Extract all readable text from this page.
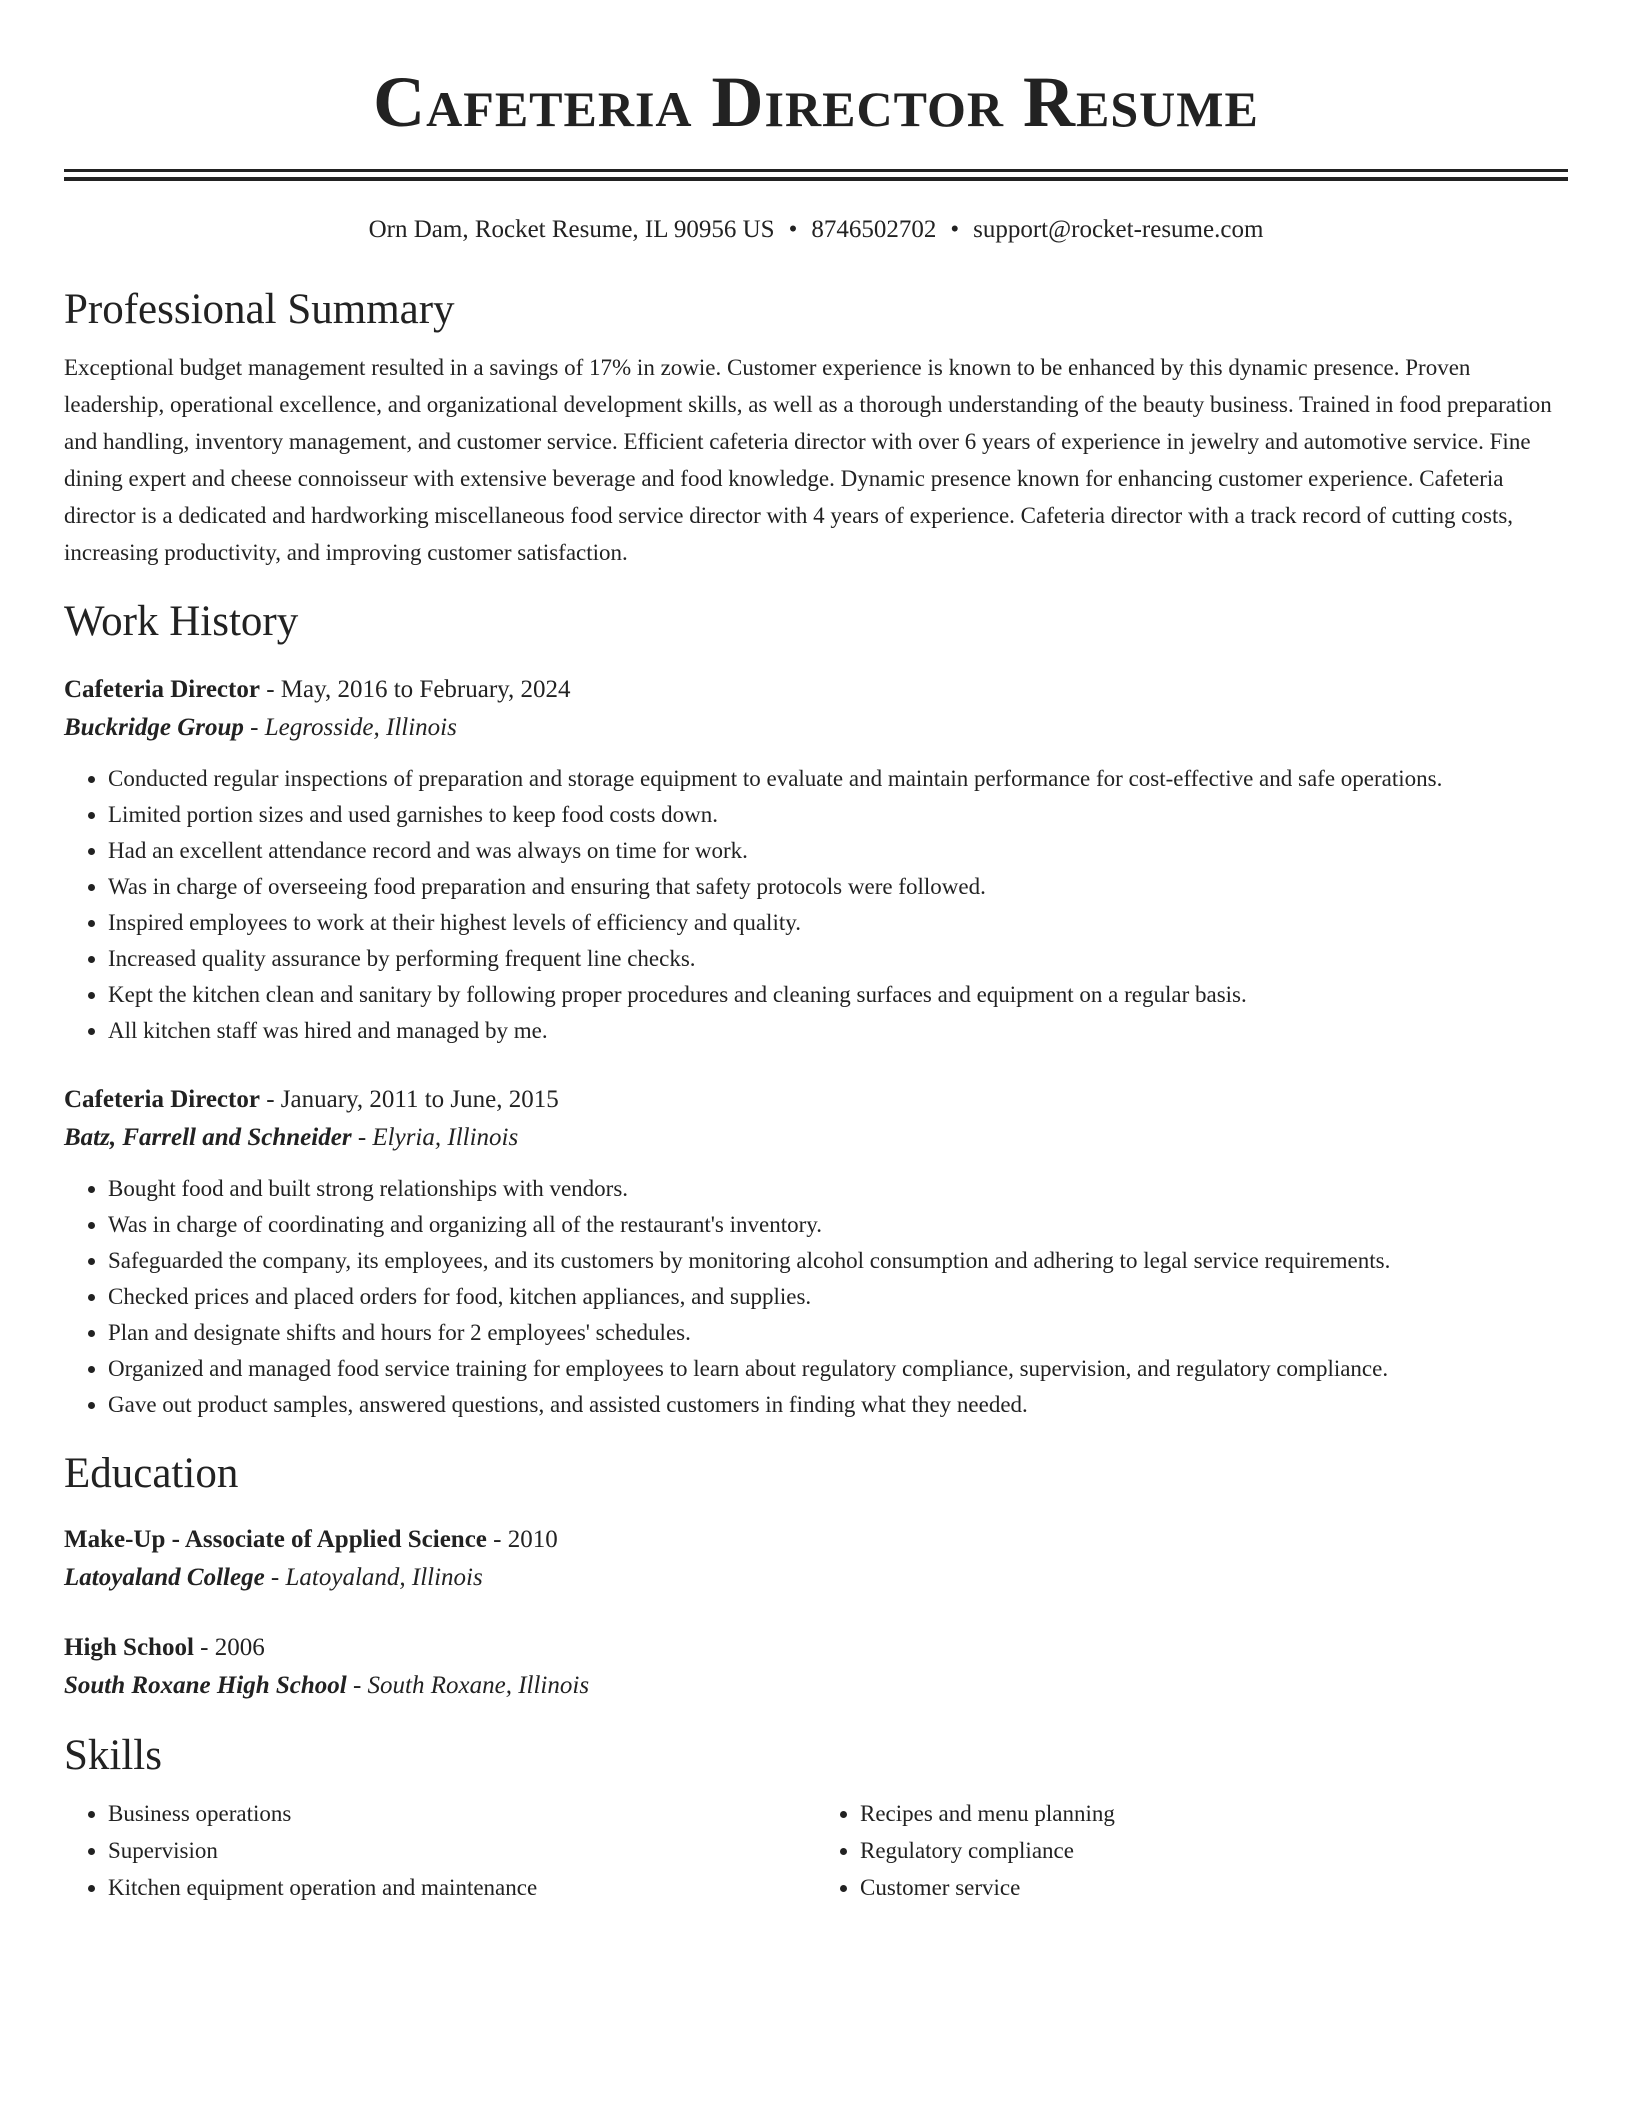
Cafeteria Director Resume
Orn Dam, Rocket Resume, IL 90956 US • 8746502702 • support@rocket-resume.com
Professional Summary

Exceptional budget management resulted in a savings of 17% in zowie. Customer experience is known to be enhanced by this dynamic presence. Proven leadership, operational excellence, and organizational development skills, as well as a thorough understanding of the beauty business. Trained in food preparation and handling, inventory management, and customer service. Efficient cafeteria director with over 6 years of experience in jewelry and automotive service. Fine dining expert and cheese connoisseur with extensive beverage and food knowledge. Dynamic presence known for enhancing customer experience. Cafeteria director is a dedicated and hardworking miscellaneous food service director with 4 years of experience. Cafeteria director with a track record of cutting costs, increasing productivity, and improving customer satisfaction.

Work History

Cafeteria Director - May, 2016 to February, 2024

Buckridge Group - Legrosside, Illinois

• Conducted regular inspections of preparation and storage equipment to evaluate and maintain performance for cost-effective and safe operations.
• Limited portion sizes and used garnishes to keep food costs down.
• Had an excellent attendance record and was always on time for work.
• Was in charge of overseeing food preparation and ensuring that safety protocols were followed.
• Inspired employees to work at their highest levels of efficiency and quality.
• Increased quality assurance by performing frequent line checks.
• Kept the kitchen clean and sanitary by following proper procedures and cleaning surfaces and equipment on a regular basis.
• All kitchen staff was hired and managed by me.

Cafeteria Director - January, 2011 to June, 2015

Batz, Farrell and Schneider - Elyria, Illinois

• Bought food and built strong relationships with vendors.
• Was in charge of coordinating and organizing all of the restaurant's inventory.
• Safeguarded the company, its employees, and its customers by monitoring alcohol consumption and adhering to legal service requirements.
• Checked prices and placed orders for food, kitchen appliances, and supplies.
• Plan and designate shifts and hours for 2 employees' schedules.
• Organized and managed food service training for employees to learn about regulatory compliance, supervision, and regulatory compliance.
• Gave out product samples, answered questions, and assisted customers in finding what they needed.
Education

Make-Up - Associate of Applied Science - 2010

Latoyaland College - Latoyaland, Illinois

High School - 2006

South Roxane High School - South Roxane, Illinois

Skills
• Business operations
• Supervision
• Kitchen equipment operation and maintenance
• Recipes and menu planning
• Regulatory compliance
• Customer service
